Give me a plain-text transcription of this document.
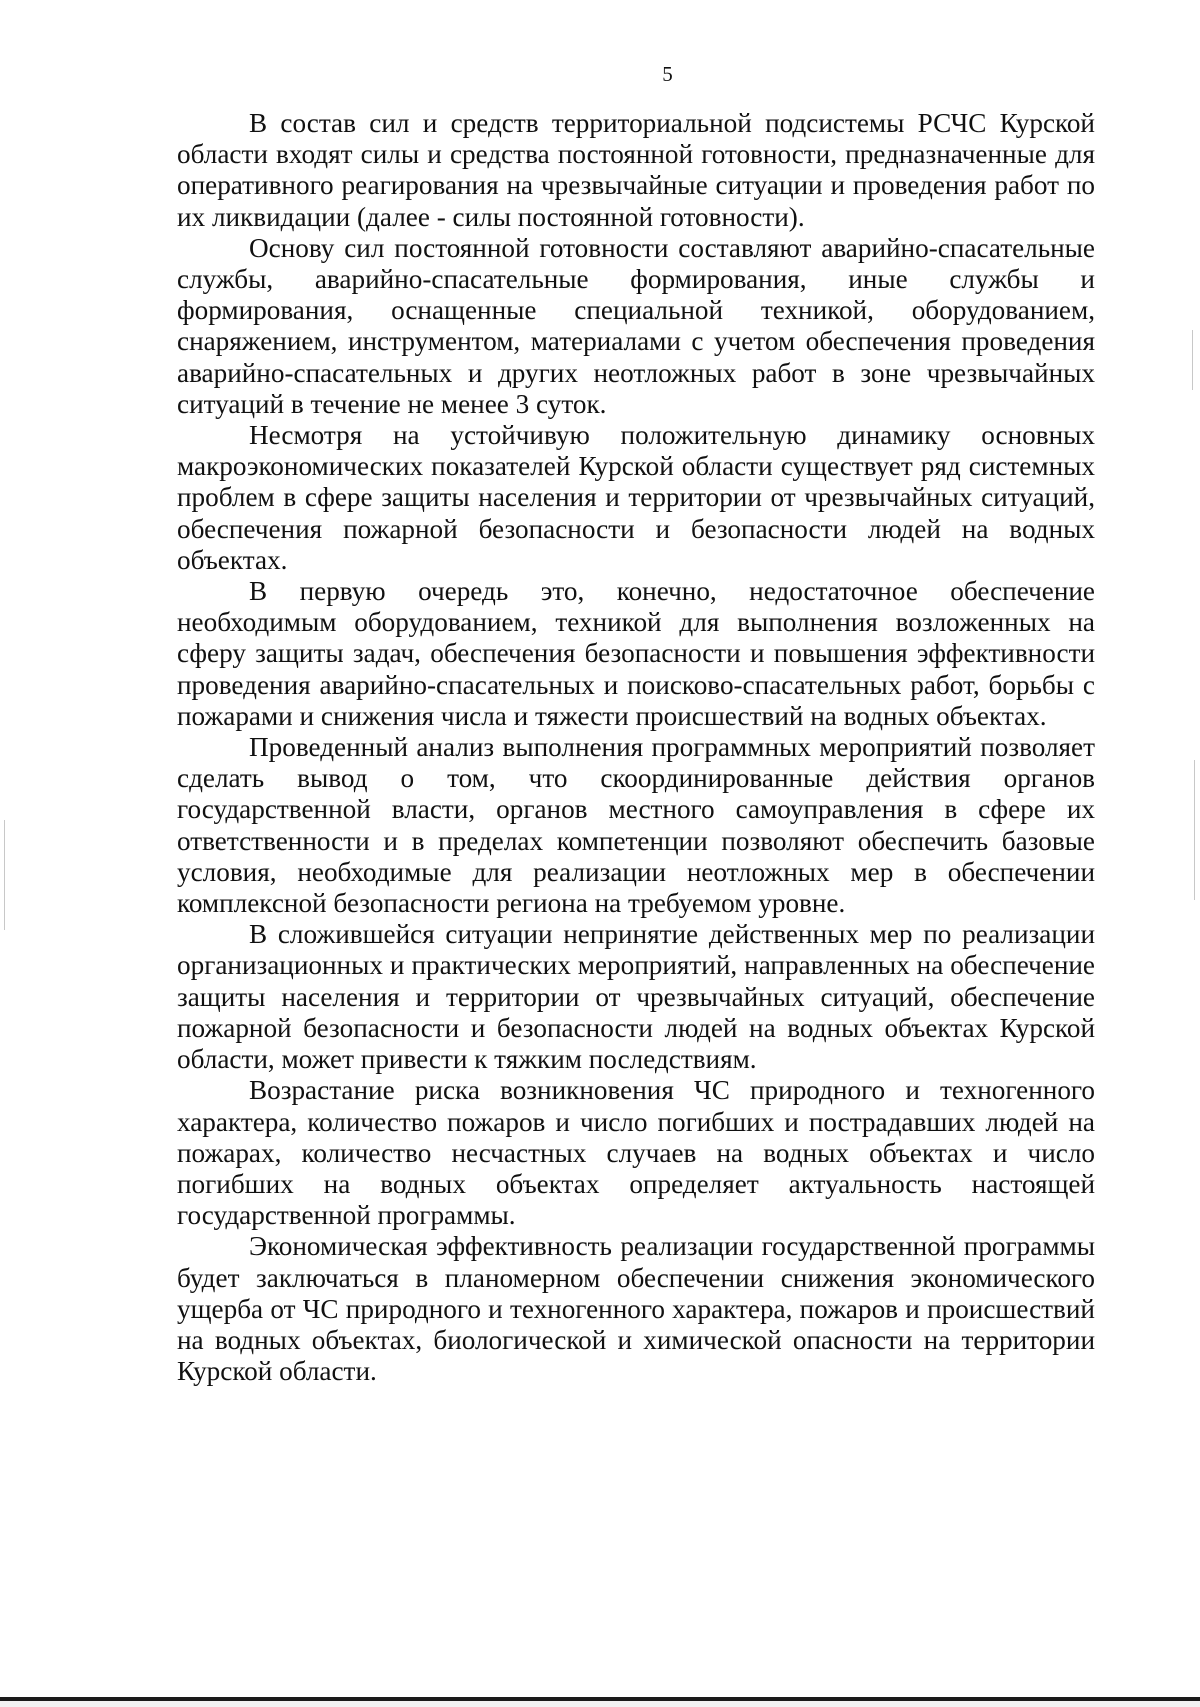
5

В состав сил и средств территориальной подсистемы РСЧС Курской области входят силы и средства постоянной готовности, предназначенные для оперативного реагирования на чрезвычайные ситуации и проведения работ по их ликвидации (далее - силы постоянной готовности).

Основу сил постоянной готовности составляют аварийно-спасательные службы, аварийно-спасательные формирования, иные службы и формирования, оснащенные специальной техникой, оборудованием, снаряжением, инструментом, материалами с учетом обеспечения проведения аварийно-спасательных и других неотложных работ в зоне чрезвычайных ситуаций в течение не менее 3 суток.

Несмотря на устойчивую положительную динамику основных макроэкономических показателей Курской области существует ряд системных проблем в сфере защиты населения и территории от чрезвычайных ситуаций, обеспечения пожарной безопасности и безопасности людей на водных объектах.

В первую очередь это, конечно, недостаточное обеспечение необходимым оборудованием, техникой для выполнения возложенных на сферу защиты задач, обеспечения безопасности и повышения эффективности проведения аварийно-спасательных и поисково-спасательных работ, борьбы с пожарами и снижения числа и тяжести происшествий на водных объектах.

Проведенный анализ выполнения программных мероприятий позволяет сделать вывод о том, что скоординированные действия органов государственной власти, органов местного самоуправления в сфере их ответственности и в пределах компетенции позволяют обеспечить базовые условия, необходимые для реализации неотложных мер в обеспечении комплексной безопасности региона на требуемом уровне.

В сложившейся ситуации непринятие действенных мер по реализации организационных и практических мероприятий, направленных на обеспечение защиты населения и территории от чрезвычайных ситуаций, обеспечение пожарной безопасности и безопасности людей на водных объектах Курской области, может привести к тяжким последствиям.

Возрастание риска возникновения ЧС природного и техногенного характера, количество пожаров и число погибших и пострадавших людей на пожарах, количество несчастных случаев на водных объектах и число погибших на водных объектах определяет актуальность настоящей государственной программы.

Экономическая эффективность реализации государственной программы будет заключаться в планомерном обеспечении снижения экономического ущерба от ЧС природного и техногенного характера, пожаров и происшествий на водных объектах, биологической и химической опасности на территории Курской области.
